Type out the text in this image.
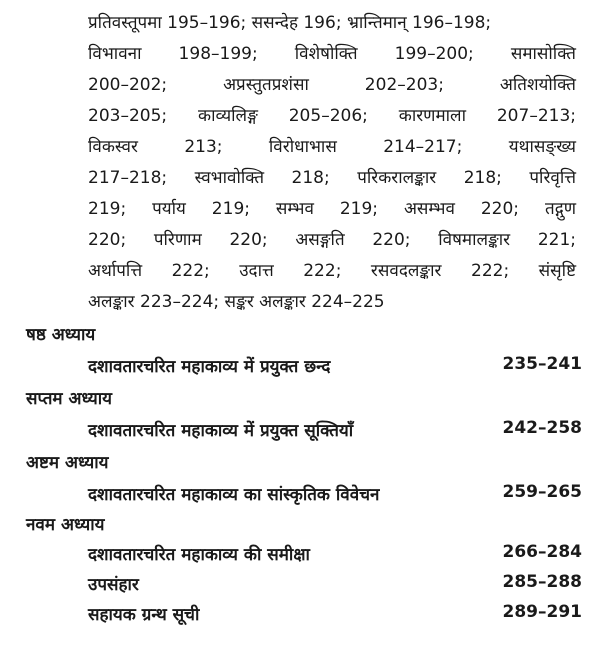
प्रतिवस्तूपमा 195–196; ससन्देह 196; भ्रान्तिमान् 196–198;
विभावना 198–199; विशेषोक्ति 199–200; समासोक्ति
200–202; अप्रस्तुतप्रशंसा 202–203; अतिशयोक्ति
203–205; काव्यलिङ्ग 205–206; कारणमाला 207–213;
विकस्वर 213; विरोधाभास 214–217; यथासङ्ख्य
217–218; स्वभावोक्ति 218; परिकरालङ्कार 218; परिवृत्ति
219; पर्याय 219; सम्भव 219; असम्भव 220; तद्गुण
220; परिणाम 220; असङ्गति 220; विषमालङ्कार 221;
अर्थापत्ति 222; उदात्त 222; रसवदलङ्कार 222; संसृष्टि
अलङ्कार 223–224; सङ्कर अलङ्कार 224–225
षष्ठ अध्याय
दशावतारचरित महाकाव्य में प्रयुक्त छन्द	235–241
सप्तम अध्याय
दशावतारचरित महाकाव्य में प्रयुक्त सूक्तियाँ	242–258
अष्टम अध्याय
दशावतारचरित महाकाव्य का सांस्कृतिक विवेचन	259–265
नवम अध्याय
दशावतारचरित महाकाव्य की समीक्षा	266–284
उपसंहार	285–288
सहायक ग्रन्थ सूची	289–291
